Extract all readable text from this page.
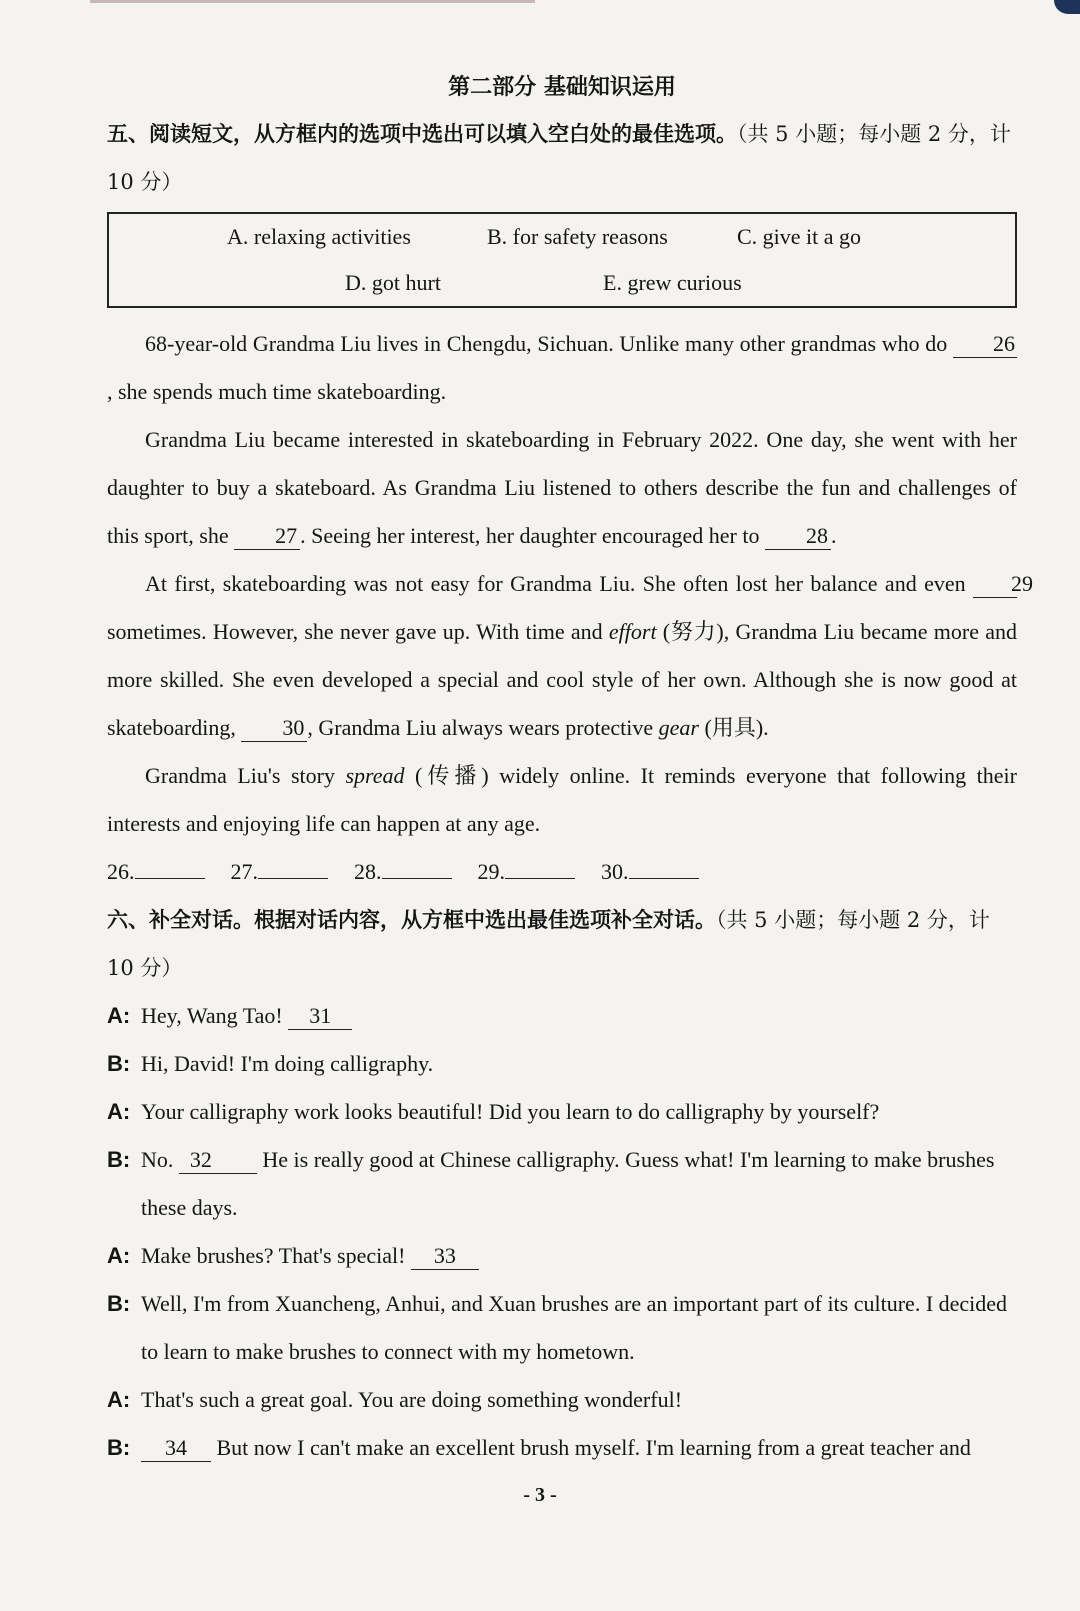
第二部分 基础知识运用

五、阅读短文，从方框内的选项中选出可以填入空白处的最佳选项。（共 5 小题；每小题 2 分，计 10 分）

A. relaxing activities	B. for safety reasons	C. give it a go
D. got hurt	E. grew curious

68-year-old Grandma Liu lives in Chengdu, Sichuan. Unlike many other grandmas who do 26, she spends much time skateboarding.

Grandma Liu became interested in skateboarding in February 2022. One day, she went with her daughter to buy a skateboard. As Grandma Liu listened to others describe the fun and challenges of this sport, she 27 . Seeing her interest, her daughter encouraged her to 28 .

At first, skateboarding was not easy for Grandma Liu. She often lost her balance and even 29 sometimes. However, she never gave up. With time and effort (努力), Grandma Liu became more and more skilled. She even developed a special and cool style of her own. Although she is now good at skateboarding, 30 , Grandma Liu always wears protective gear (用具).

Grandma Liu's story spread (传播) widely online. It reminds everyone that following their interests and enjoying life can happen at any age.

26.	27.	28.	29.	30.

六、补全对话。根据对话内容，从方框中选出最佳选项补全对话。（共 5 小题；每小题 2 分，计 10 分）

A: Hey, Wang Tao! 31

B: Hi, David! I'm doing calligraphy.

A: Your calligraphy work looks beautiful! Did you learn to do calligraphy by yourself?

B: No. 32 He is really good at Chinese calligraphy. Guess what! I'm learning to make brushes these days.

A: Make brushes? That's special! 33

B: Well, I'm from Xuancheng, Anhui, and Xuan brushes are an important part of its culture. I decided to learn to make brushes to connect with my hometown.

A: That's such a great goal. You are doing something wonderful!

B: 34 But now I can't make an excellent brush myself. I'm learning from a great teacher and

- 3 -
